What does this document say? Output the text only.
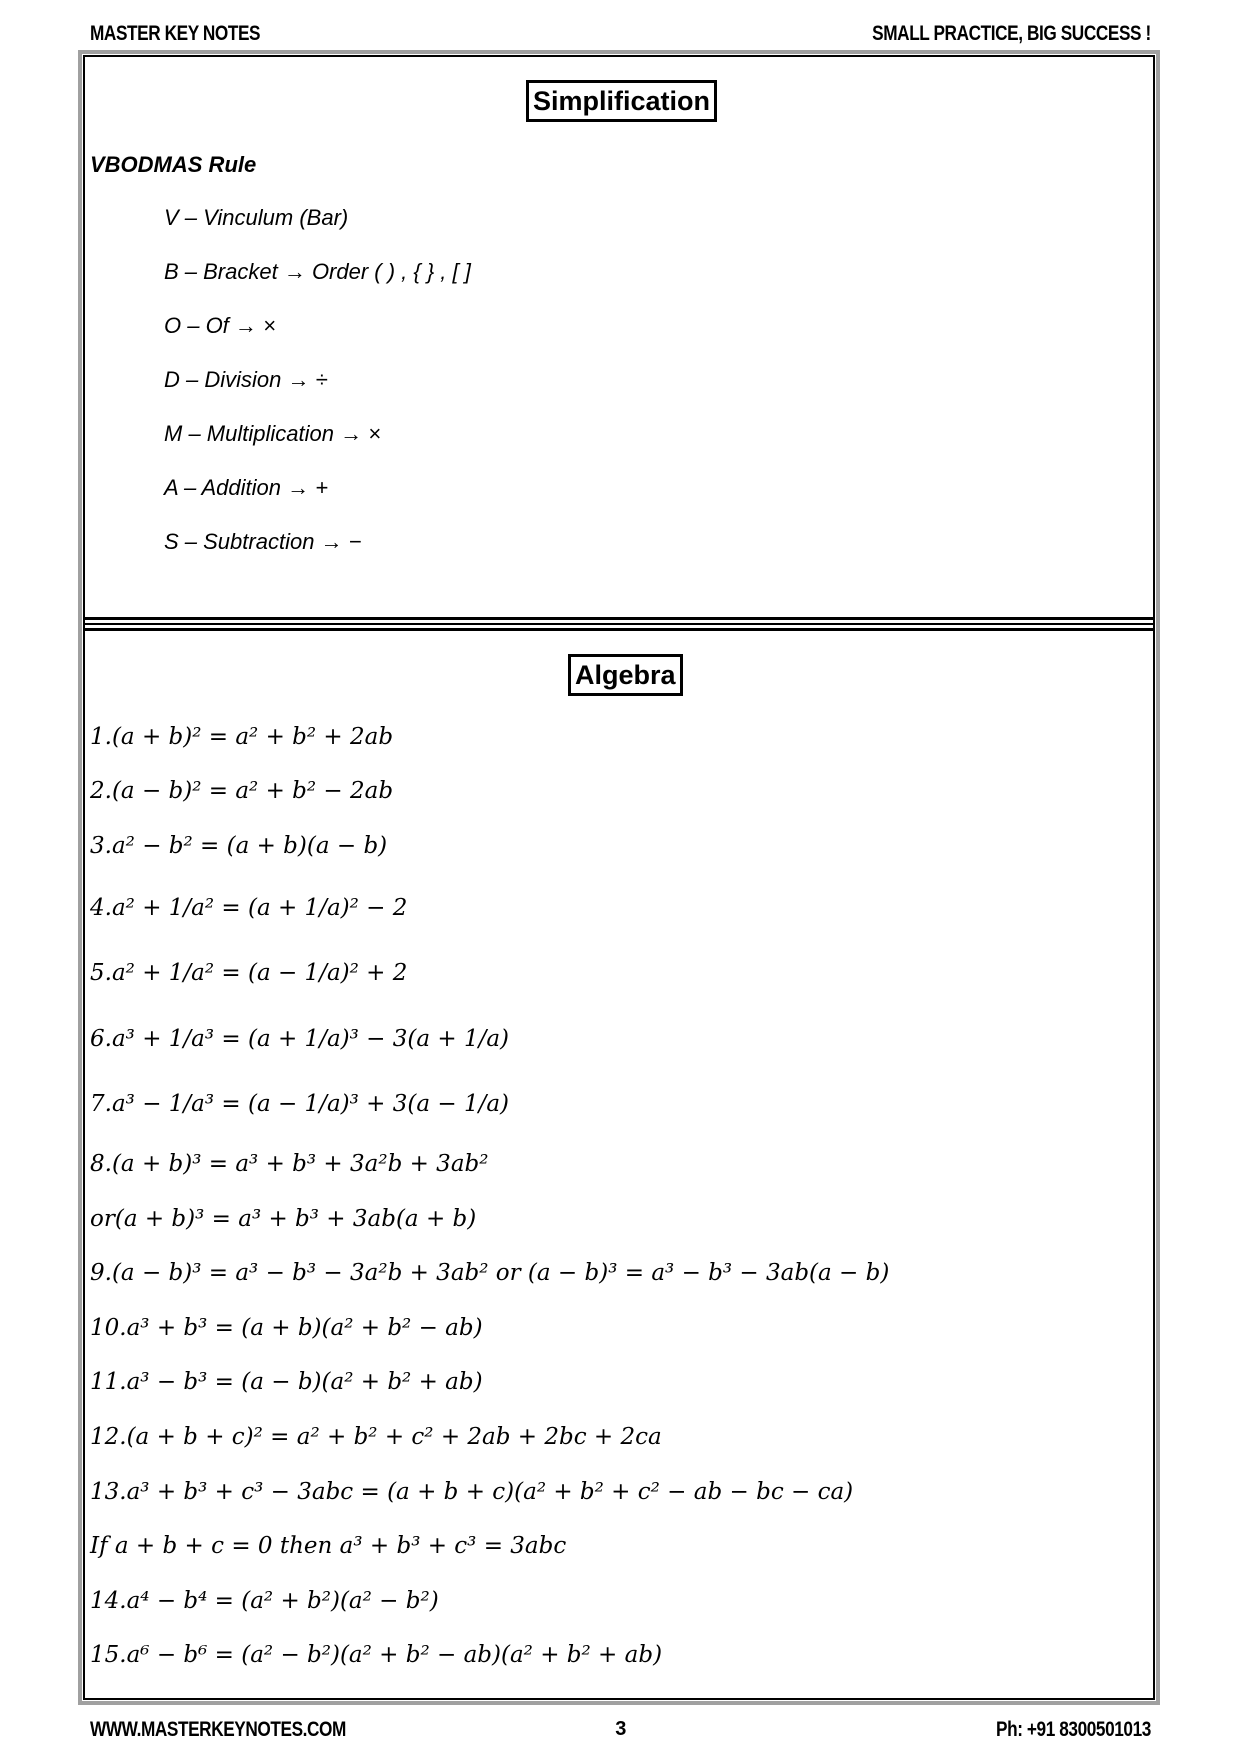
MASTER KEY NOTES	SMALL PRACTICE, BIG SUCCESS !
Simplification
VBODMAS Rule
V – Vinculum (Bar)
B – Bracket → Order ( ) , { } , [ ]
O – Of → ×
D – Division → ÷
M – Multiplication → ×
A – Addition → +
S – Subtraction → −
Algebra
1.(a + b)² = a² + b² + 2ab
2.(a − b)² = a² + b² − 2ab
3.a² − b² = (a + b)(a − b)
4.a² + 1/a² = (a + 1/a)² − 2
5.a² + 1/a² = (a − 1/a)² + 2
6.a³ + 1/a³ = (a + 1/a)³ − 3(a + 1/a)
7.a³ − 1/a³ = (a − 1/a)³ + 3(a − 1/a)
8.(a + b)³ = a³ + b³ + 3a²b + 3ab²
or(a + b)³ = a³ + b³ + 3ab(a + b)
9.(a − b)³ = a³ − b³ − 3a²b + 3ab² or (a − b)³ = a³ − b³ − 3ab(a − b)
10.a³ + b³ = (a + b)(a² + b² − ab)
11.a³ − b³ = (a − b)(a² + b² + ab)
12.(a + b + c)² = a² + b² + c² + 2ab + 2bc + 2ca
13.a³ + b³ + c³ − 3abc = (a + b + c)(a² + b² + c² − ab − bc − ca)
If a + b + c = 0 then a³ + b³ + c³ = 3abc
14.a⁴ − b⁴ = (a² + b²)(a² − b²)
15.a⁶ − b⁶ = (a² − b²)(a² + b² − ab)(a² + b² + ab)
WWW.MASTERKEYNOTES.COM	3	Ph: +91 8300501013
